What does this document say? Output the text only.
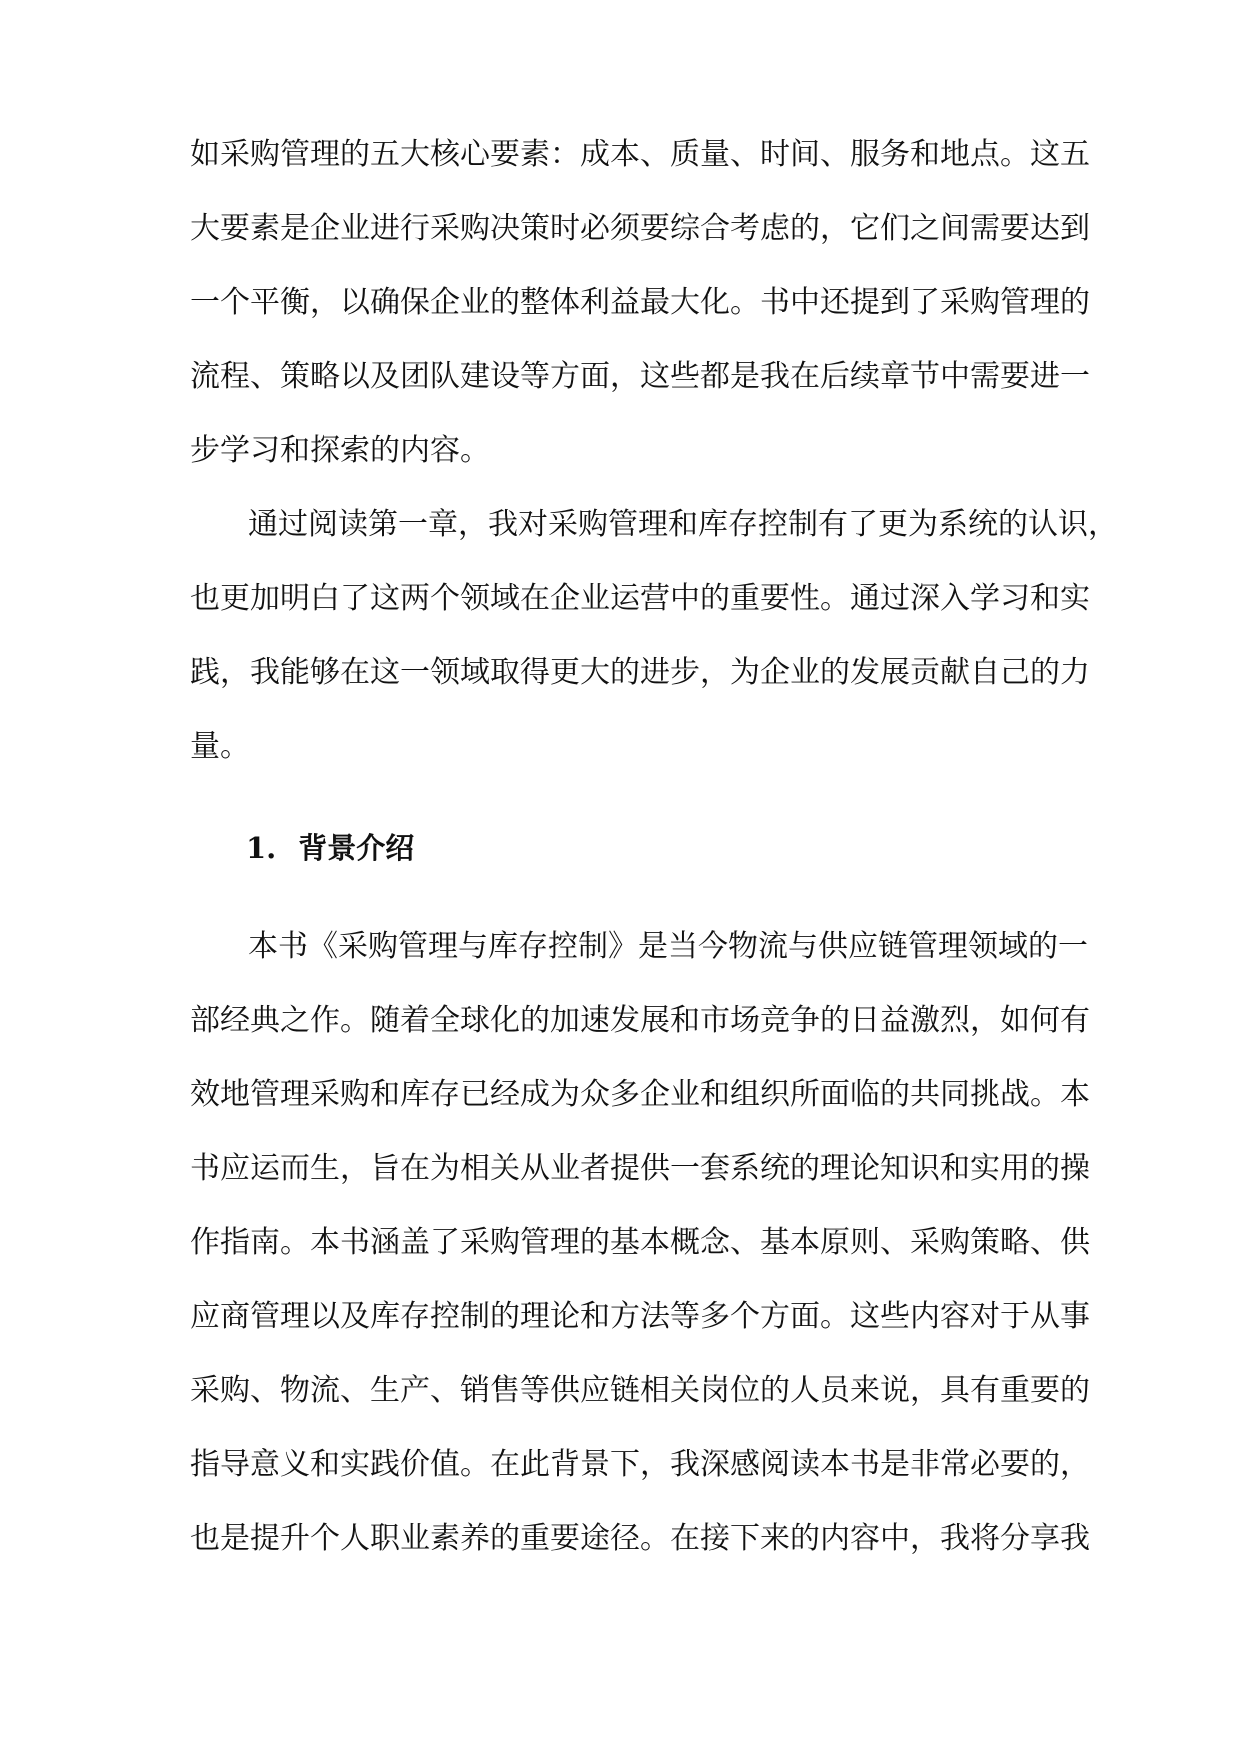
如采购管理的五大核心要素：成本、质量、时间、服务和地点。这五
大要素是企业进行采购决策时必须要综合考虑的，它们之间需要达到
一个平衡，以确保企业的整体利益最大化。书中还提到了采购管理的
流程、策略以及团队建设等方面，这些都是我在后续章节中需要进一
步学习和探索的内容。
通过阅读第一章，我对采购管理和库存控制有了更为系统的认识，
也更加明白了这两个领域在企业运营中的重要性。通过深入学习和实
践，我能够在这一领域取得更大的进步，为企业的发展贡献自己的力
量。
1. 背景介绍
本书《采购管理与库存控制》是当今物流与供应链管理领域的一
部经典之作。随着全球化的加速发展和市场竞争的日益激烈，如何有
效地管理采购和库存已经成为众多企业和组织所面临的共同挑战。本
书应运而生，旨在为相关从业者提供一套系统的理论知识和实用的操
作指南。本书涵盖了采购管理的基本概念、基本原则、采购策略、供
应商管理以及库存控制的理论和方法等多个方面。这些内容对于从事
采购、物流、生产、销售等供应链相关岗位的人员来说，具有重要的
指导意义和实践价值。在此背景下，我深感阅读本书是非常必要的，
也是提升个人职业素养的重要途径。在接下来的内容中，我将分享我
